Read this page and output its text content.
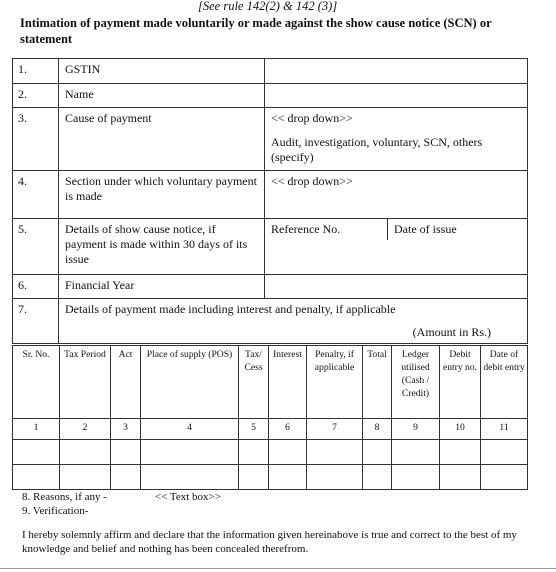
[See rule 142(2) & 142 (3)]
Intimation of payment made voluntarily or made against the show cause notice (SCN) or statement
1.	GSTIN	
2.	Name	
3.	Cause of payment	<< drop down>>
Audit, investigation, voluntary, SCN, others (specify)

4.	Section under which voluntary payment is made	<< drop down>>
5.	Details of show cause notice, if payment is made within 30 days of its issue	Reference No. Date of issue

6.	Financial Year	
7.	Details of payment made including interest and penalty, if applicable
(Amount in Rs.)	
Sr. No.	Tax Period	Act	Place of supply (POS)	Tax/ Cess	Interest	Penalty, if applicable	Total	Ledger utilised (Cash / Credit)	Debit entry no.	Date of debit entry
1	2	3	4	5	6	7	8	9	10	11

8. Reasons, if any -	<< Text box>>
9. Verification-
I hereby solemnly affirm and declare that the information given hereinabove is true and correct to the best of my knowledge and belief and nothing has been concealed therefrom.
